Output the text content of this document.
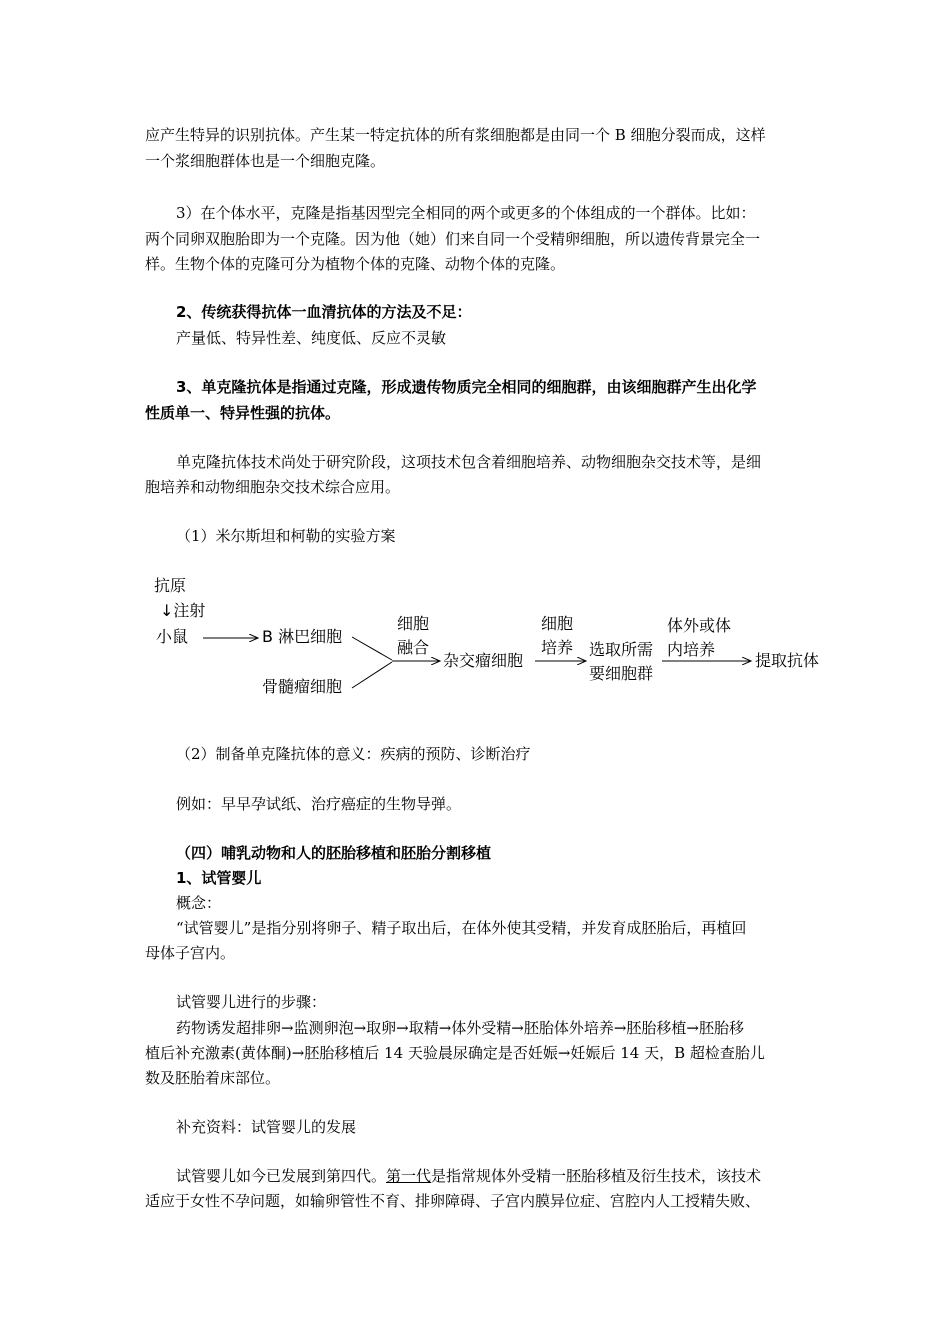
应产生特异的识别抗体。产生某一特定抗体的所有浆细胞都是由同一个 B 细胞分裂而成，这样
一个浆细胞群体也是一个细胞克隆。
3）在个体水平，克隆是指基因型完全相同的两个或更多的个体组成的一个群体。比如：
两个同卵双胞胎即为一个克隆。因为他（她）们来自同一个受精卵细胞，所以遗传背景完全一
样。生物个体的克隆可分为植物个体的克隆、动物个体的克隆。
2、传统获得抗体一血清抗体的方法及不足：
产量低、特异性差、纯度低、反应不灵敏
3、单克隆抗体是指通过克隆，形成遗传物质完全相同的细胞群，由该细胞群产生出化学
性质单一、特异性强的抗体。
单克隆抗体技术尚处于研究阶段，这项技术包含着细胞培养、动物细胞杂交技术等，是细
胞培养和动物细胞杂交技术综合应用。
（1）米尔斯坦和柯勒的实验方案
抗原
↓注射
小鼠	B 淋巴细胞
骨髓瘤细胞
细胞
融合
杂交瘤细胞
细胞
培养 选取所需
要细胞群
体外或体
内培养
提取抗体
（2）制备单克隆抗体的意义：疾病的预防、诊断治疗
例如：早早孕试纸、治疗癌症的生物导弹。
（四）哺乳动物和人的胚胎移植和胚胎分割移植
1、试管婴儿
概念：
“试管婴儿”是指分别将卵子、精子取出后，在体外使其受精，并发育成胚胎后，再植回
母体子宫内。
试管婴儿进行的步骤：
药物诱发超排卵→监测卵泡→取卵→取精→体外受精→胚胎体外培养→胚胎移植→胚胎移
植后补充激素(黄体酮)→胚胎移植后 14 天验晨尿确定是否妊娠→妊娠后 14 天，B 超检查胎儿
数及胚胎着床部位。
补充资料：试管婴儿的发展
试管婴儿如今已发展到第四代。第一代是指常规体外受精一胚胎移植及衍生技术，该技术
适应于女性不孕问题，如输卵管性不育、排卵障碍、子宫内膜异位症、宫腔内人工授精失败、
